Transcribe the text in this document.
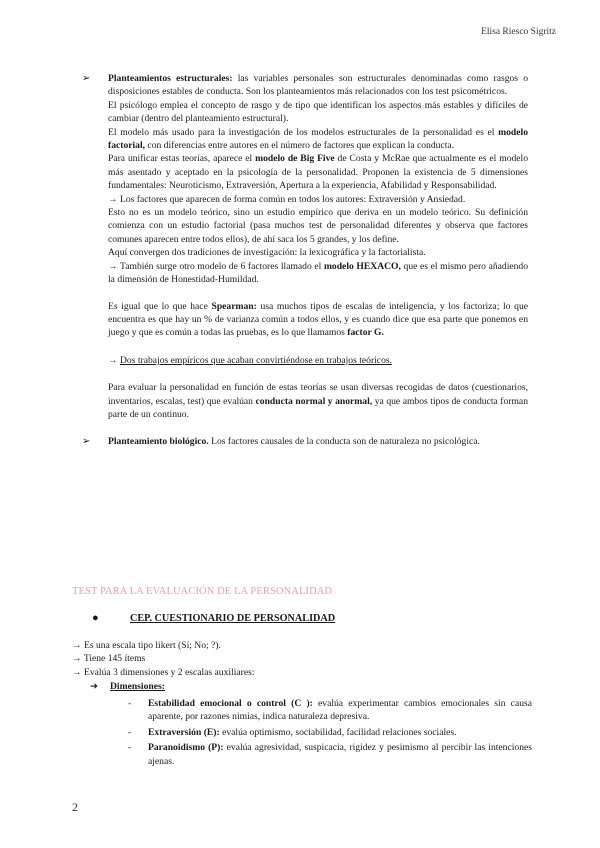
Elisa Riesco Sigritz
➢ Planteamientos estructurales: las variables personales son estructurales denominadas como rasgos o disposiciones estables de conducta. Son los planteamientos más relacionados con los test psicométricos.

El psicólogo emplea el concepto de rasgo y de tipo que identifican los aspectos más estables y difíciles de cambiar (dentro del planteamiento estructural).

El modelo más usado para la investigación de los modelos estructurales de la personalidad es el modelo factorial, con diferencias entre autores en el número de factores que explican la conducta.

Para unificar estas teorías, aparece el modelo de Big Five de Costa y McRae que actualmente es el modelo más asentado y aceptado en la psicología de la personalidad. Proponen la existencia de 5 dimensiones fundamentales: Neuroticismo, Extraversión, Apertura a la experiencia, Afabilidad y Responsabilidad.

→ Los factores que aparecen de forma común en todos los autores: Extraversión y Ansiedad.

Esto no es un modelo teórico, sino un estudio empírico que deriva en un modelo teórico. Su definición comienza con un estudio factorial (pasa muchos test de personalidad diferentes y observa que factores comunes aparecen entre todos ellos), de ahí saca los 5 grandes, y los define.

Aquí convergen dos tradiciones de investigación: la lexicográfica y la factorialista.

→ También surge otro modelo de 6 factores llamado el modelo HEXACO, que es el mismo pero añadiendo la dimensión de Honestidad-Humildad.

Es igual que lo que hace Spearman: usa muchos tipos de escalas de inteligencia, y los factoriza; lo que encuentra es que hay un % de varianza común a todos ellos, y es cuando dice que esa parte que ponemos en juego y que es común a todas las pruebas, es lo que llamamos factor G.

→ Dos trabajos empíricos que acaban convirtiéndose en trabajos teóricos.

Para evaluar la personalidad en función de estas teorías se usan diversas recogidas de datos (cuestionarios, inventarios, escalas, test) que evalúan conducta normal y anormal, ya que ambos tipos de conducta forman parte de un continuo.

➢ Planteamiento biológico. Los factores causales de la conducta son de naturaleza no psicológica.

TEST PARA LA EVALUACIÓN DE LA PERSONALIDAD
●	CEP. CUESTIONARIO DE PERSONALIDAD
→ Es una escala tipo likert (Sí; No; ?).
→ Tiene 145 ítems
→ Evalúa 3 dimensiones y 2 escalas auxiliares:
➔ Dimensiones:
- Estabilidad emocional o control (C ): evalúa experimentar cambios emocionales sin causa aparente, por razones nimias, indica naturaleza depresiva.
- Extraversión (E): evalúa optimismo, sociabilidad, facilidad relaciones sociales.
- Paranoidismo (P): evalúa agresividad, suspicacia, rigidez y pesimismo al percibir las intenciones ajenas.
2
